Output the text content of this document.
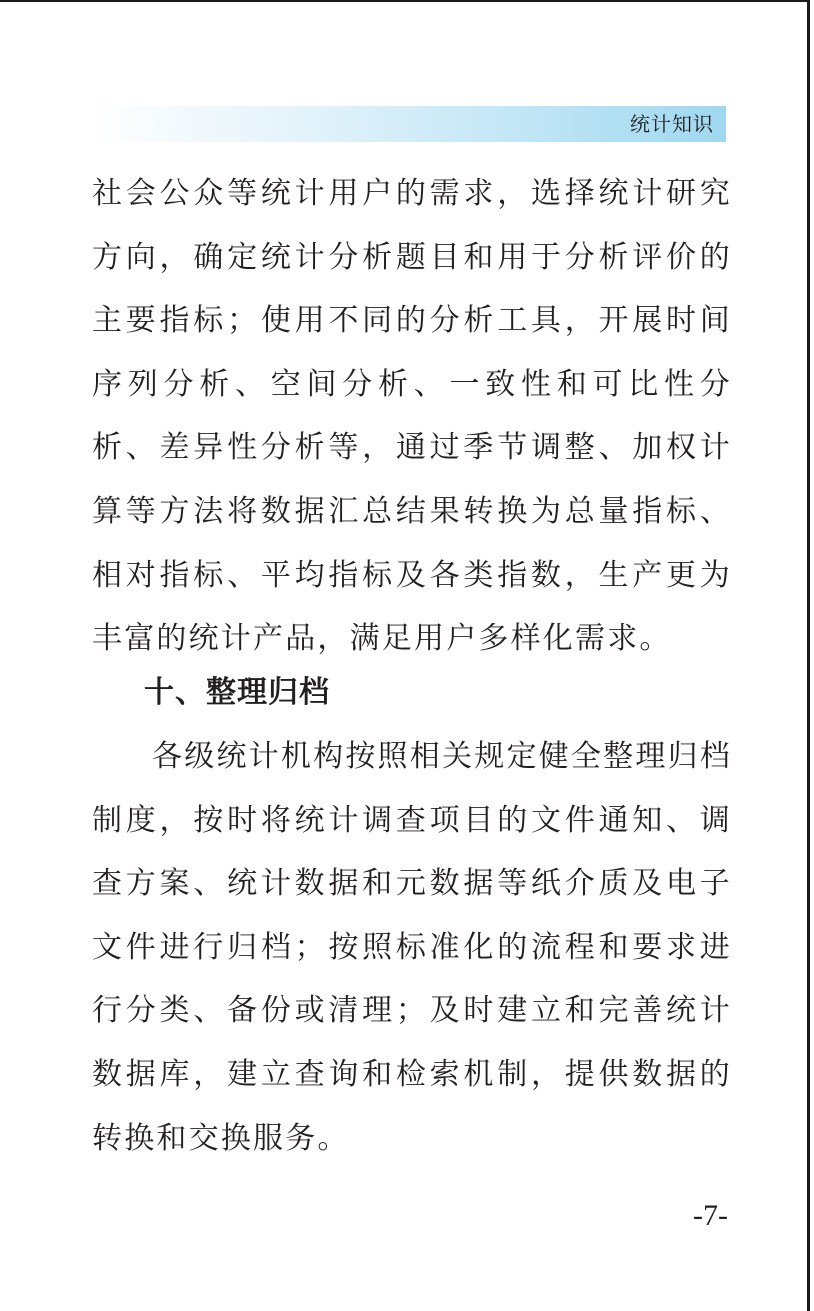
统计知识

社会公众等统计用户的需求，选择统计研究方向，确定统计分析题目和用于分析评价的主要指标；使用不同的分析工具，开展时间序列分析、空间分析、一致性和可比性分析、差异性分析等，通过季节调整、加权计算等方法将数据汇总结果转换为总量指标、相对指标、平均指标及各类指数，生产更为丰富的统计产品，满足用户多样化需求。

十、整理归档

各级统计机构按照相关规定健全整理归档制度，按时将统计调查项目的文件通知、调查方案、统计数据和元数据等纸介质及电子文件进行归档；按照标准化的流程和要求进行分类、备份或清理；及时建立和完善统计数据库，建立查询和检索机制，提供数据的转换和交换服务。

-7-
